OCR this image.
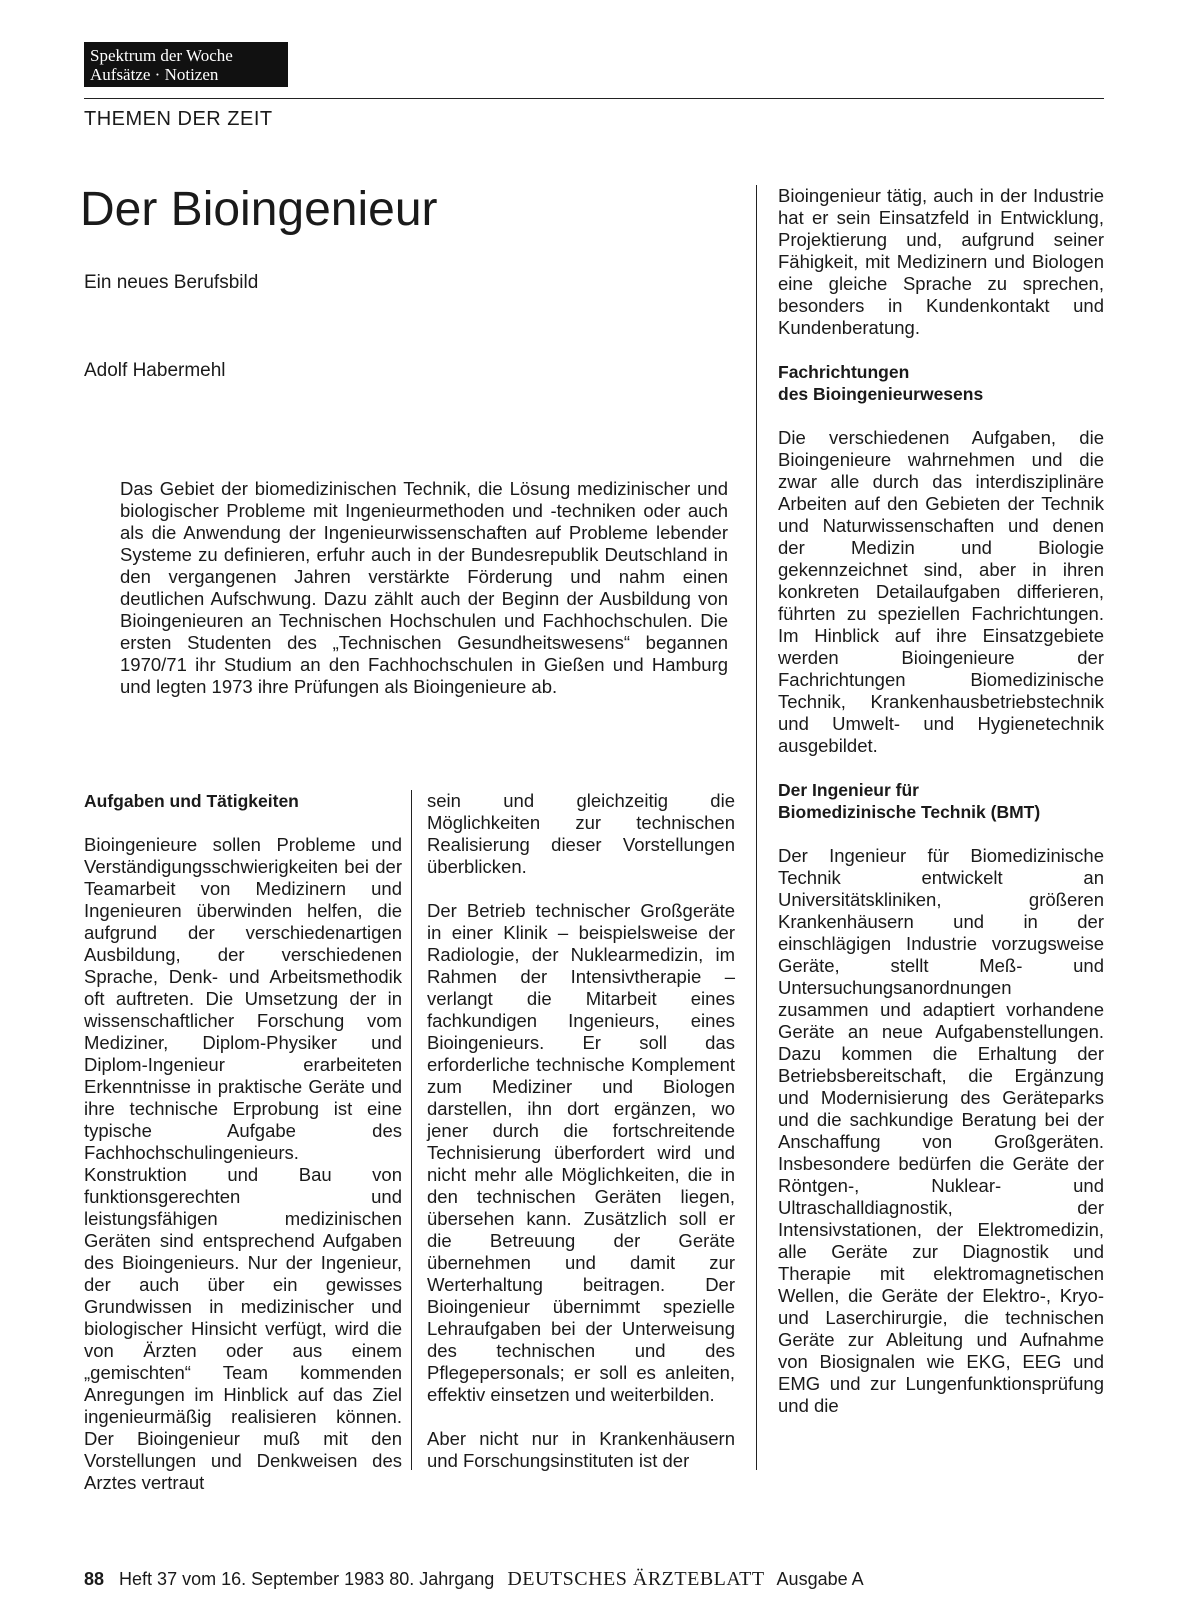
Spektrum der Woche
Aufsätze · Notizen
THEMEN DER ZEIT
Der Bioingenieur
Ein neues Berufsbild
Adolf Habermehl

Das Gebiet der biomedizinischen Technik, die Lösung medizinischer und biologischer Probleme mit Ingenieurmethoden und -techniken oder auch als die Anwendung der Ingenieurwissenschaften auf Probleme lebender Systeme zu definieren, erfuhr auch in der Bundesrepublik Deutschland in den vergangenen Jahren verstärkte Förderung und nahm einen deutlichen Aufschwung. Dazu zählt auch der Beginn der Ausbildung von Bioingenieuren an Technischen Hochschulen und Fachhochschulen. Die ersten Studenten des „Technischen Gesundheitswesens“ begannen 1970/71 ihr Studium an den Fachhochschulen in Gießen und Hamburg und legten 1973 ihre Prüfungen als Bioingenieure ab.

Aufgaben und Tätigkeiten

Bioingenieure sollen Probleme und Verständigungsschwierigkeiten bei der Teamarbeit von Medizinern und Ingenieuren überwinden helfen, die aufgrund der verschiedenartigen Ausbildung, der verschiedenen Sprache, Denk- und Arbeitsmethodik oft auftreten. Die Umsetzung der in wissenschaftlicher Forschung vom Mediziner, Diplom-Physiker und Diplom-Ingenieur erarbeiteten Erkenntnisse in praktische Geräte und ihre technische Erprobung ist eine typische Aufgabe des Fachhochschulingenieurs. Konstruktion und Bau von funktionsgerechten und leistungsfähigen medizinischen Geräten sind entsprechend Aufgaben des Bioingenieurs. Nur der Ingenieur, der auch über ein gewisses Grundwissen in medizinischer und biologischer Hinsicht verfügt, wird die von Ärzten oder aus einem „gemischten“ Team kommenden Anregungen im Hinblick auf das Ziel ingenieurmäßig realisieren können. Der Bioingenieur muß mit den Vorstellungen und Denkweisen des Arztes vertraut

sein und gleichzeitig die Möglichkeiten zur technischen Realisierung dieser Vorstellungen überblicken.

Der Betrieb technischer Großgeräte in einer Klinik – beispielsweise der Radiologie, der Nuklearmedizin, im Rahmen der Intensivtherapie – verlangt die Mitarbeit eines fachkundigen Ingenieurs, eines Bioingenieurs. Er soll das erforderliche technische Komplement zum Mediziner und Biologen darstellen, ihn dort ergänzen, wo jener durch die fortschreitende Technisierung überfordert wird und nicht mehr alle Möglichkeiten, die in den technischen Geräten liegen, übersehen kann. Zusätzlich soll er die Betreuung der Geräte übernehmen und damit zur Werterhaltung beitragen. Der Bioingenieur übernimmt spezielle Lehraufgaben bei der Unterweisung des technischen und des Pflegepersonals; er soll es anleiten, effektiv einsetzen und weiterbilden.

Aber nicht nur in Krankenhäusern und Forschungsinstituten ist der

Bioingenieur tätig, auch in der Industrie hat er sein Einsatzfeld in Entwicklung, Projektierung und, aufgrund seiner Fähigkeit, mit Medizinern und Biologen eine gleiche Sprache zu sprechen, besonders in Kundenkontakt und Kundenberatung.

Fachrichtungen
des Bioingenieurwesens

Die verschiedenen Aufgaben, die Bioingenieure wahrnehmen und die zwar alle durch das interdisziplinäre Arbeiten auf den Gebieten der Technik und Naturwissenschaften und denen der Medizin und Biologie gekennzeichnet sind, aber in ihren konkreten Detailaufgaben differieren, führten zu speziellen Fachrichtungen. Im Hinblick auf ihre Einsatzgebiete werden Bioingenieure der Fachrichtungen Biomedizinische Technik, Krankenhausbetriebstechnik und Umwelt- und Hygienetechnik ausgebildet.

Der Ingenieur für
Biomedizinische Technik (BMT)

Der Ingenieur für Biomedizinische Technik entwickelt an Universitätskliniken, größeren Krankenhäusern und in der einschlägigen Industrie vorzugsweise Geräte, stellt Meß- und Untersuchungsanordnungen zusammen und adaptiert vorhandene Geräte an neue Aufgabenstellungen. Dazu kommen die Erhaltung der Betriebsbereitschaft, die Ergänzung und Modernisierung des Geräteparks und die sachkundige Beratung bei der Anschaffung von Großgeräten. Insbesondere bedürfen die Geräte der Röntgen-, Nuklear- und Ultraschalldiagnostik, der Intensivstationen, der Elektromedizin, alle Geräte zur Diagnostik und Therapie mit elektromagnetischen Wellen, die Geräte der Elektro-, Kryo- und Laserchirurgie, die technischen Geräte zur Ableitung und Aufnahme von Biosignalen wie EKG, EEG und EMG und zur Lungenfunktionsprüfung und die

88 Heft 37 vom 16. September 1983 80. Jahrgang DEUTSCHES ÄRZTEBLATT Ausgabe A
